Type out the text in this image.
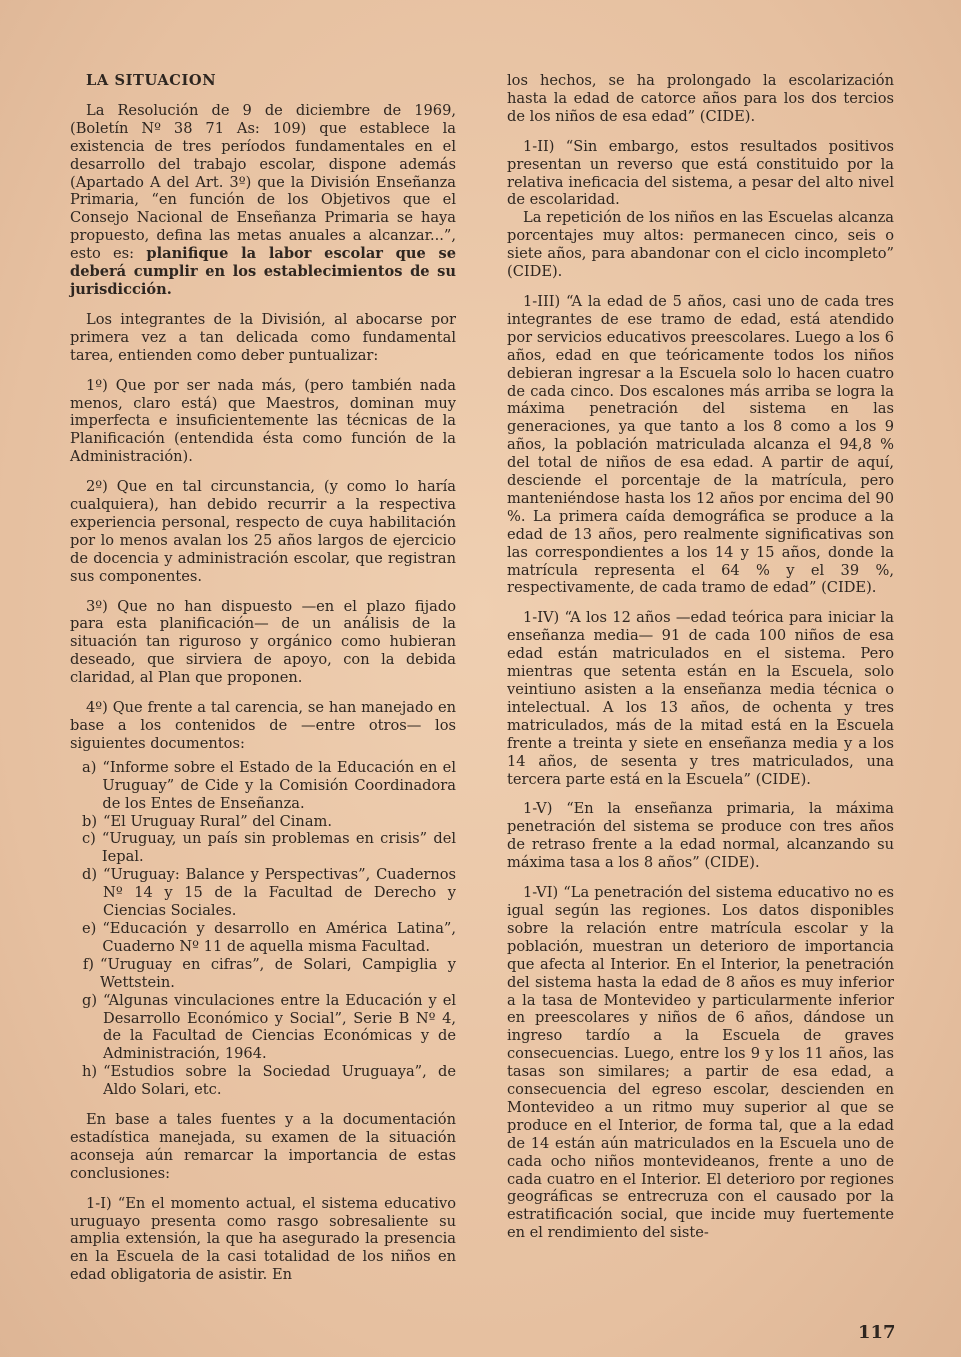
LA SITUACION

La Resolución de 9 de diciembre de 1969, (Boletín Nº 38 71 As: 109) que establece la existencia de tres períodos fundamentales en el desarrollo del trabajo escolar, dispone además (Apartado A del Art. 3º) que la División Enseñanza Primaria, “en función de los Objetivos que el Consejo Nacional de Enseñanza Primaria se haya propuesto, defina las metas anuales a alcanzar...”, esto es: planifique la labor escolar que se deberá cumplir en los establecimientos de su jurisdicción.

Los integrantes de la División, al abocarse por primera vez a tan delicada como fundamental tarea, entienden como deber puntualizar:

1º) Que por ser nada más, (pero también nada menos, claro está) que Maestros, dominan muy imperfecta e insuficientemente las técnicas de la Planificación (entendida ésta como función de la Administración).

2º) Que en tal circunstancia, (y como lo haría cualquiera), han debido recurrir a la respectiva experiencia personal, respecto de cuya habilitación por lo menos avalan los 25 años largos de ejercicio de docencia y administración escolar, que registran sus componentes.

3º) Que no han dispuesto —en el plazo fijado para esta planificación— de un análisis de la situación tan riguroso y orgánico como hubieran deseado, que sirviera de apoyo, con la debida claridad, al Plan que proponen.

4º) Que frente a tal carencia, se han manejado en base a los contenidos de —entre otros— los siguientes documentos:

a) “Informe sobre el Estado de la Educación en el Uruguay” de Cide y la Comisión Coordinadora de los Entes de Enseñanza.
b) “El Uruguay Rural” del Cinam.
c) “Uruguay, un país sin problemas en crisis” del Iepal.
d) “Uruguay: Balance y Perspectivas”, Cuadernos Nº 14 y 15 de la Facultad de Derecho y Ciencias Sociales.
e) “Educación y desarrollo en América Latina”, Cuaderno Nº 11 de aquella misma Facultad.
f) “Uruguay en cifras”, de Solari, Campiglia y Wettstein.
g) “Algunas vinculaciones entre la Educación y el Desarrollo Económico y Social”, Serie B Nº 4, de la Facultad de Ciencias Económicas y de Administración, 1964.
h) “Estudios sobre la Sociedad Uruguaya”, de Aldo Solari, etc.

En base a tales fuentes y a la documentación estadística manejada, su examen de la situación aconseja aún remarcar la importancia de estas conclusiones:

1-I) “En el momento actual, el sistema educativo uruguayo presenta como rasgo sobresaliente su amplia extensión, la que ha asegurado la presencia en la Escuela de la casi totalidad de los niños en edad obligatoria de asistir. En

los hechos, se ha prolongado la escolarización hasta la edad de catorce años para los dos tercios de los niños de esa edad” (CIDE).

1-II) “Sin embargo, estos resultados positivos presentan un reverso que está constituido por la relativa ineficacia del sistema, a pesar del alto nivel de escolaridad.

La repetición de los niños en las Escuelas alcanza porcentajes muy altos: permanecen cinco, seis o siete años, para abandonar con el ciclo incompleto” (CIDE).

1-III) “A la edad de 5 años, casi uno de cada tres integrantes de ese tramo de edad, está atendido por servicios educativos preescolares. Luego a los 6 años, edad en que teóricamente todos los niños debieran ingresar a la Escuela solo lo hacen cuatro de cada cinco. Dos escalones más arriba se logra la máxima penetración del sistema en las generaciones, ya que tanto a los 8 como a los 9 años, la población matriculada alcanza el 94,8 % del total de niños de esa edad. A partir de aquí, desciende el porcentaje de la matrícula, pero manteniéndose hasta los 12 años por encima del 90 %. La primera caída demográfica se produce a la edad de 13 años, pero realmente significativas son las correspondientes a los 14 y 15 años, donde la matrícula representa el 64 % y el 39 %, respectivamente, de cada tramo de edad” (CIDE).

1-IV) “A los 12 años —edad teórica para iniciar la enseñanza media— 91 de cada 100 niños de esa edad están matriculados en el sistema. Pero mientras que setenta están en la Escuela, solo veintiuno asisten a la enseñanza media técnica o intelectual. A los 13 años, de ochenta y tres matriculados, más de la mitad está en la Escuela frente a treinta y siete en enseñanza media y a los 14 años, de sesenta y tres matriculados, una tercera parte está en la Escuela” (CIDE).

1-V) “En la enseñanza primaria, la máxima penetración del sistema se produce con tres años de retraso frente a la edad normal, alcanzando su máxima tasa a los 8 años” (CIDE).

1-VI) “La penetración del sistema educativo no es igual según las regiones. Los datos disponibles sobre la relación entre matrícula escolar y la población, muestran un deterioro de importancia que afecta al Interior. En el Interior, la penetración del sistema hasta la edad de 8 años es muy inferior a la tasa de Montevideo y particularmente inferior en preescolares y niños de 6 años, dándose un ingreso tardío a la Escuela de graves consecuencias. Luego, entre los 9 y los 11 años, las tasas son similares; a partir de esa edad, a consecuencia del egreso escolar, descienden en Montevideo a un ritmo muy superior al que se produce en el Interior, de forma tal, que a la edad de 14 están aún matriculados en la Escuela uno de cada ocho niños montevideanos, frente a uno de cada cuatro en el Interior. El deterioro por regiones geográficas se entrecruza con el causado por la estratificación social, que incide muy fuertemente en el rendimiento del siste-

117
